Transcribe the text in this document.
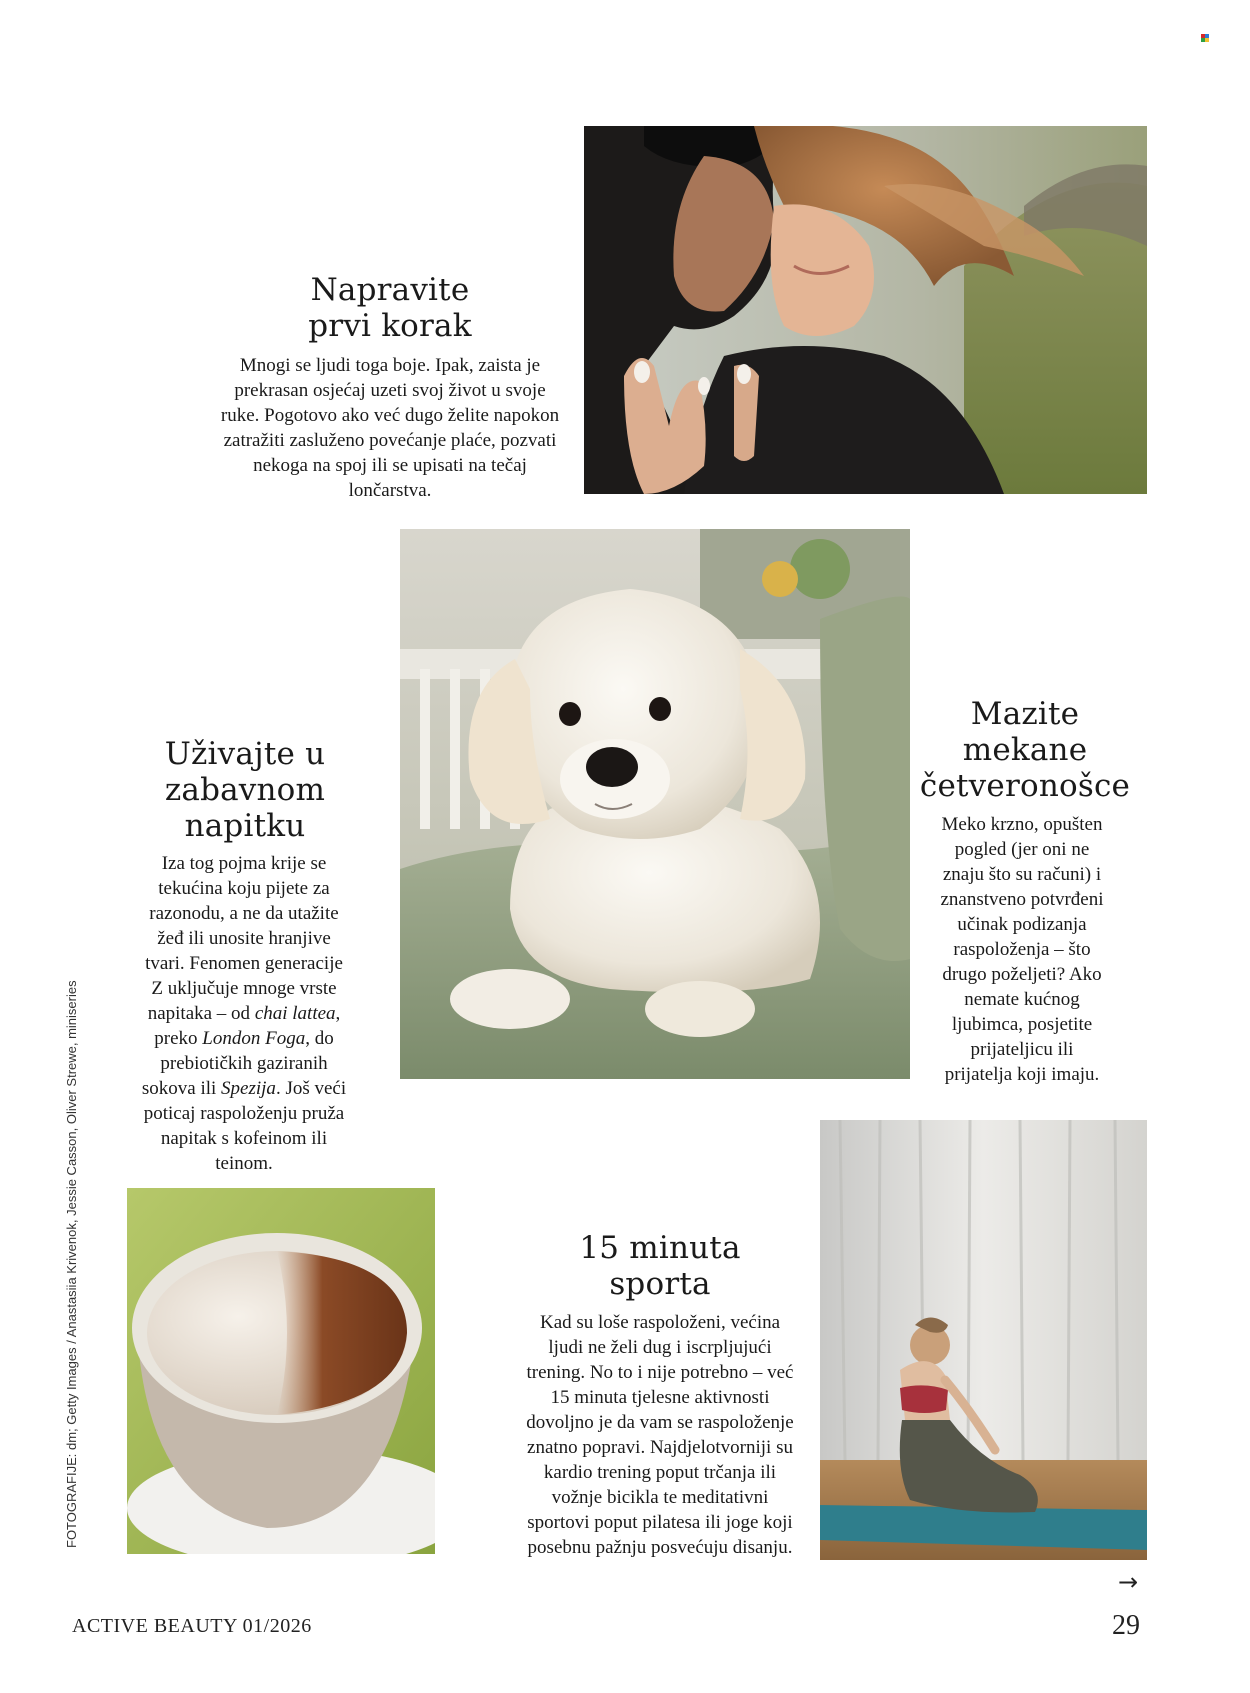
Napravite
prvi korak
Mnogi se ljudi toga boje. Ipak, zaista je
prekrasan osjećaj uzeti svoj život u svoje
ruke. Pogotovo ako već dugo želite napokon
zatražiti zasluženo povećanje plaće, pozvati
nekoga na spoj ili se upisati na tečaj
lončarstva.
Mazite
mekane
četveronošce
Meko krzno, opušten
pogled (jer oni ne
znaju što su računi) i
znanstveno potvrđeni
učinak podizanja
raspoloženja – što
drugo poželjeti? Ako
nemate kućnog
ljubimca, posjetite
prijateljicu ili
prijatelja koji imaju.
Uživajte u
zabavnom
napitku
Iza tog pojma krije se
tekućina koju pijete za
razonodu, a ne da utažite
žeđ ili unosite hranjive
tvari. Fenomen generacije
Z uključuje mnoge vrste
napitaka – od chai lattea,
preko London Foga, do
prebiotičkih gaziranih
sokova ili Spezija. Još veći
poticaj raspoloženju pruža
napitak s kofeinom ili
teinom.
FOTOGRAFIJE: dm; Getty Images / Anastasiia Krivenok, Jessie Casson, Oliver Strewe, miniseries	15 minuta
sporta
Kad su loše raspoloženi, većina
ljudi ne želi dug i iscrpljujući
trening. No to i nije potrebno – već
15 minuta tjelesne aktivnosti
dovoljno je da vam se raspoloženje
znatno popravi. Najdjelotvorniji su
kardio trening poput trčanja ili
vožnje bicikla te meditativni
sportovi poput pilatesa ili joge koji
posebnu pažnju posvećuju disanju.
→
ACTIVE BEAUTY 01/2026	29
